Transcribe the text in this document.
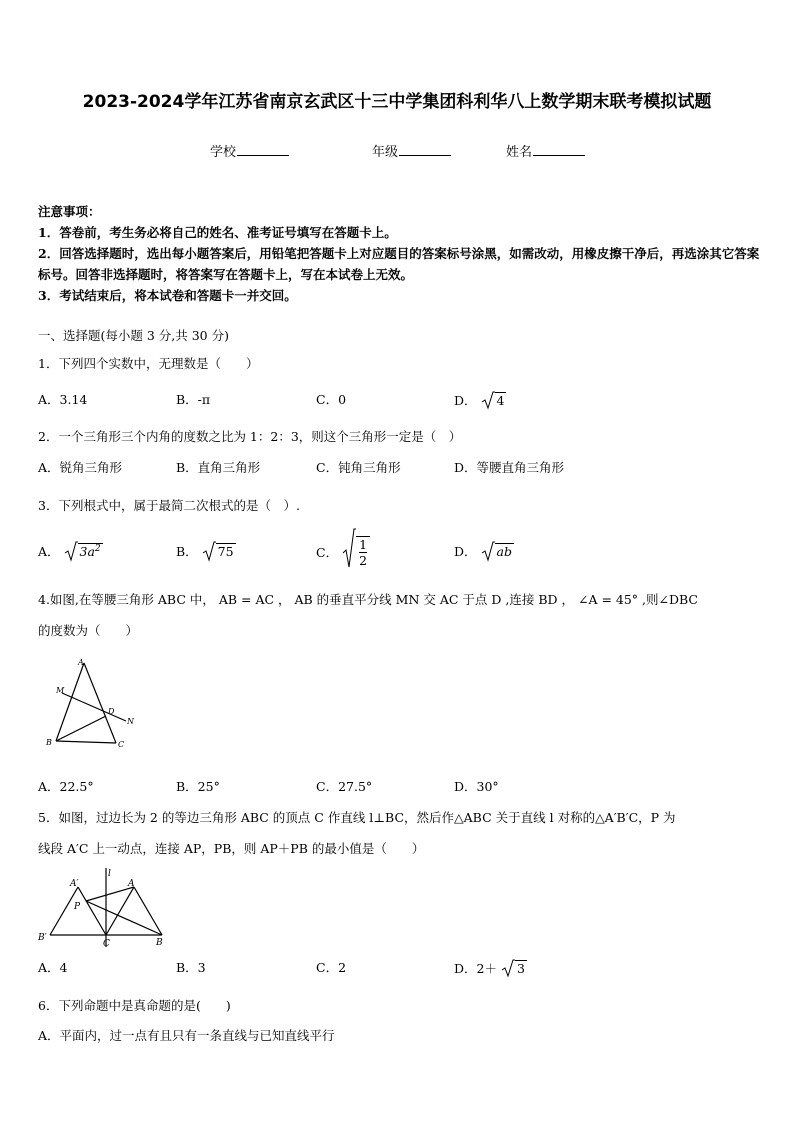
2023-2024学年江苏省南京玄武区十三中学集团科利华八上数学期末联考模拟试题
学校	年级	姓名
注意事项：
1．答卷前，考生务必将自己的姓名、准考证号填写在答题卡上。
2．回答选择题时，选出每小题答案后，用铅笔把答题卡上对应题目的答案标号涂黑，如需改动，用橡皮擦干净后，再选涂其它答案标号。回答非选择题时，将答案写在答题卡上，写在本试卷上无效。
3．考试结束后，将本试卷和答题卡一并交回。
一、选择题(每小题 3 分,共 30 分)
1．下列四个实数中，无理数是（　　）
A．3.14	B．-π	C．0	D． 4
2．一个三角形三个内角的度数之比为 1：2：3，则这个三角形一定是（　）
A．锐角三角形	B．直角三角形	C．钝角三角形	D．等腰直角三角形
3．下列根式中，属于最简二次根式的是（　）.
A． $3a^2$	B． 75	C． $\frac{1}{2}$	D． ab
4.如图,在等腰三角形 ABC 中， AB = AC ， AB 的垂直平分线 MN 交 AC 于点 D ,连接 BD ， ∠A = 45° ,则∠DBC
的度数为（　　）
A
M
D
N
B	C
A．22.5°	B．25°	C．27.5°	D．30°
5．如图，过边长为 2 的等边三角形 ABC 的顶点 C 作直线 l⊥BC，然后作△ABC 关于直线 l 对称的△A′B′C，P 为
线段 A′C 上一动点，连接 AP，PB，则 AP＋PB 的最小值是（　　）
A′
l
A
P
B′
C	B
A．4	B．3	C．2	D．2＋ 3
6．下列命题中是真命题的是(　　)
A．平面内，过一点有且只有一条直线与已知直线平行
